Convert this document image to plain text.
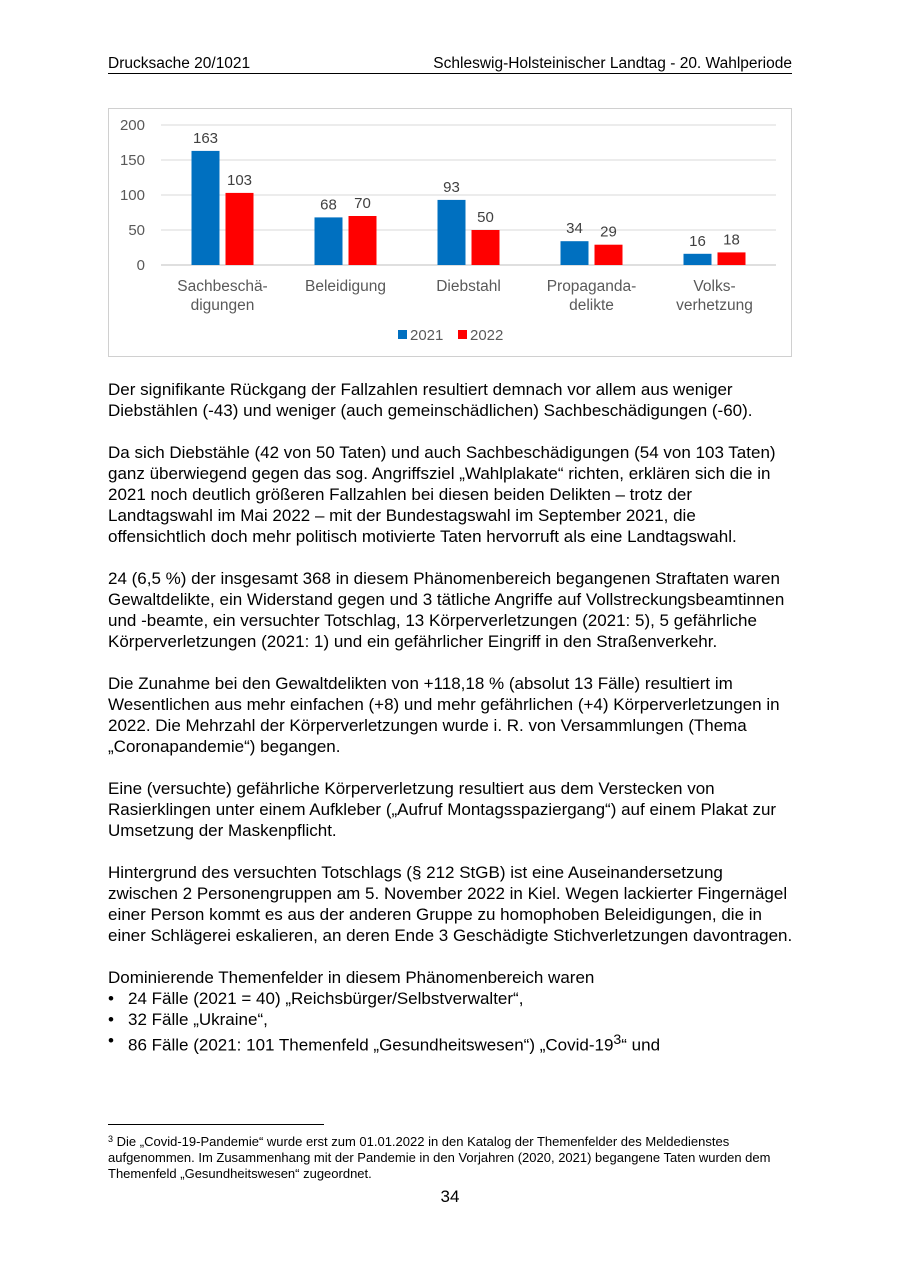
Drucksache 20/1021	Schleswig-Holsteinischer Landtag - 20. Wahlperiode
0
50
100
150
200
163
103
68 70
93
50
34 29
16 18
Sachbeschä-
digungen
Beleidigung	Diebstahl	Propaganda-
delikte
Volks-
verhetzung
2021 2022

Der signifikante Rückgang der Fallzahlen resultiert demnach vor allem aus weniger Diebstählen (-43) und weniger (auch gemeinschädlichen) Sachbeschädigungen (-60).

Da sich Diebstähle (42 von 50 Taten) und auch Sachbeschädigungen (54 von 103 Taten) ganz überwiegend gegen das sog. Angriffsziel „Wahlplakate“ richten, erklären sich die in 2021 noch deutlich größeren Fallzahlen bei diesen beiden Delikten – trotz der Landtagswahl im Mai 2022 – mit der Bundestagswahl im September 2021, die offensichtlich doch mehr politisch motivierte Taten hervorruft als eine Landtagswahl.

24 (6,5 %) der insgesamt 368 in diesem Phänomenbereich begangenen Straftaten waren Gewaltdelikte, ein Widerstand gegen und 3 tätliche Angriffe auf Vollstreckungsbeamtinnen und -beamte, ein versuchter Totschlag, 13 Körperverletzungen (2021: 5), 5 gefährliche Körperverletzungen (2021: 1) und ein gefährlicher Eingriff in den Straßenverkehr.

Die Zunahme bei den Gewaltdelikten von +118,18 % (absolut 13 Fälle) resultiert im Wesentlichen aus mehr einfachen (+8) und mehr gefährlichen (+4) Körperverletzungen in 2022. Die Mehrzahl der Körperverletzungen wurde i. R. von Versammlungen (Thema „Coronapandemie“) begangen.

Eine (versuchte) gefährliche Körperverletzung resultiert aus dem Verstecken von Rasierklingen unter einem Aufkleber („Aufruf Montagsspaziergang“) auf einem Plakat zur Umsetzung der Maskenpflicht.

Hintergrund des versuchten Totschlags (§ 212 StGB) ist eine Auseinandersetzung zwischen 2 Personengruppen am 5. November 2022 in Kiel. Wegen lackierter Fingernägel einer Person kommt es aus der anderen Gruppe zu homophoben Beleidigungen, die in einer Schlägerei eskalieren, an deren Ende 3 Geschädigte Stichverletzungen davontragen.

Dominierende Themenfelder in diesem Phänomenbereich waren

• 24 Fälle (2021 = 40) „Reichsbürger/Selbstverwalter“,
• 32 Fälle „Ukraine“,
• 86 Fälle (2021: 101 Themenfeld „Gesundheitswesen“) $„Covid-19^3“$ und
$^3$ Die „Covid-19-Pandemie“ wurde erst zum 01.01.2022 in den Katalog der Themenfelder des Meldedienstes aufgenommen. Im Zusammenhang mit der Pandemie in den Vorjahren (2020, 2021) begangene Taten wurden dem Themenfeld „Gesundheitswesen“ zugeordnet.
34
